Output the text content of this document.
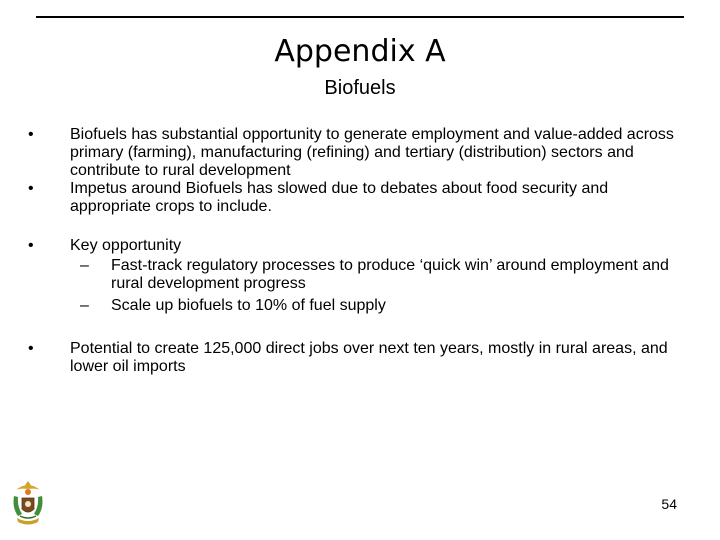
Appendix A
Biofuels
•	Biofuels has substantial opportunity to generate employment and value-added across primary (farming), manufacturing (refining) and tertiary (distribution) sectors and contribute to rural development
•	Impetus around Biofuels has slowed due to debates about food security and appropriate crops to include.
•	Key opportunity
– Fast-track regulatory processes to produce ‘quick win’ around employment and rural development progress
– Scale up biofuels to 10% of fuel supply
•	Potential to create 125,000 direct jobs over next ten years, mostly in rural areas, and lower oil imports
54
